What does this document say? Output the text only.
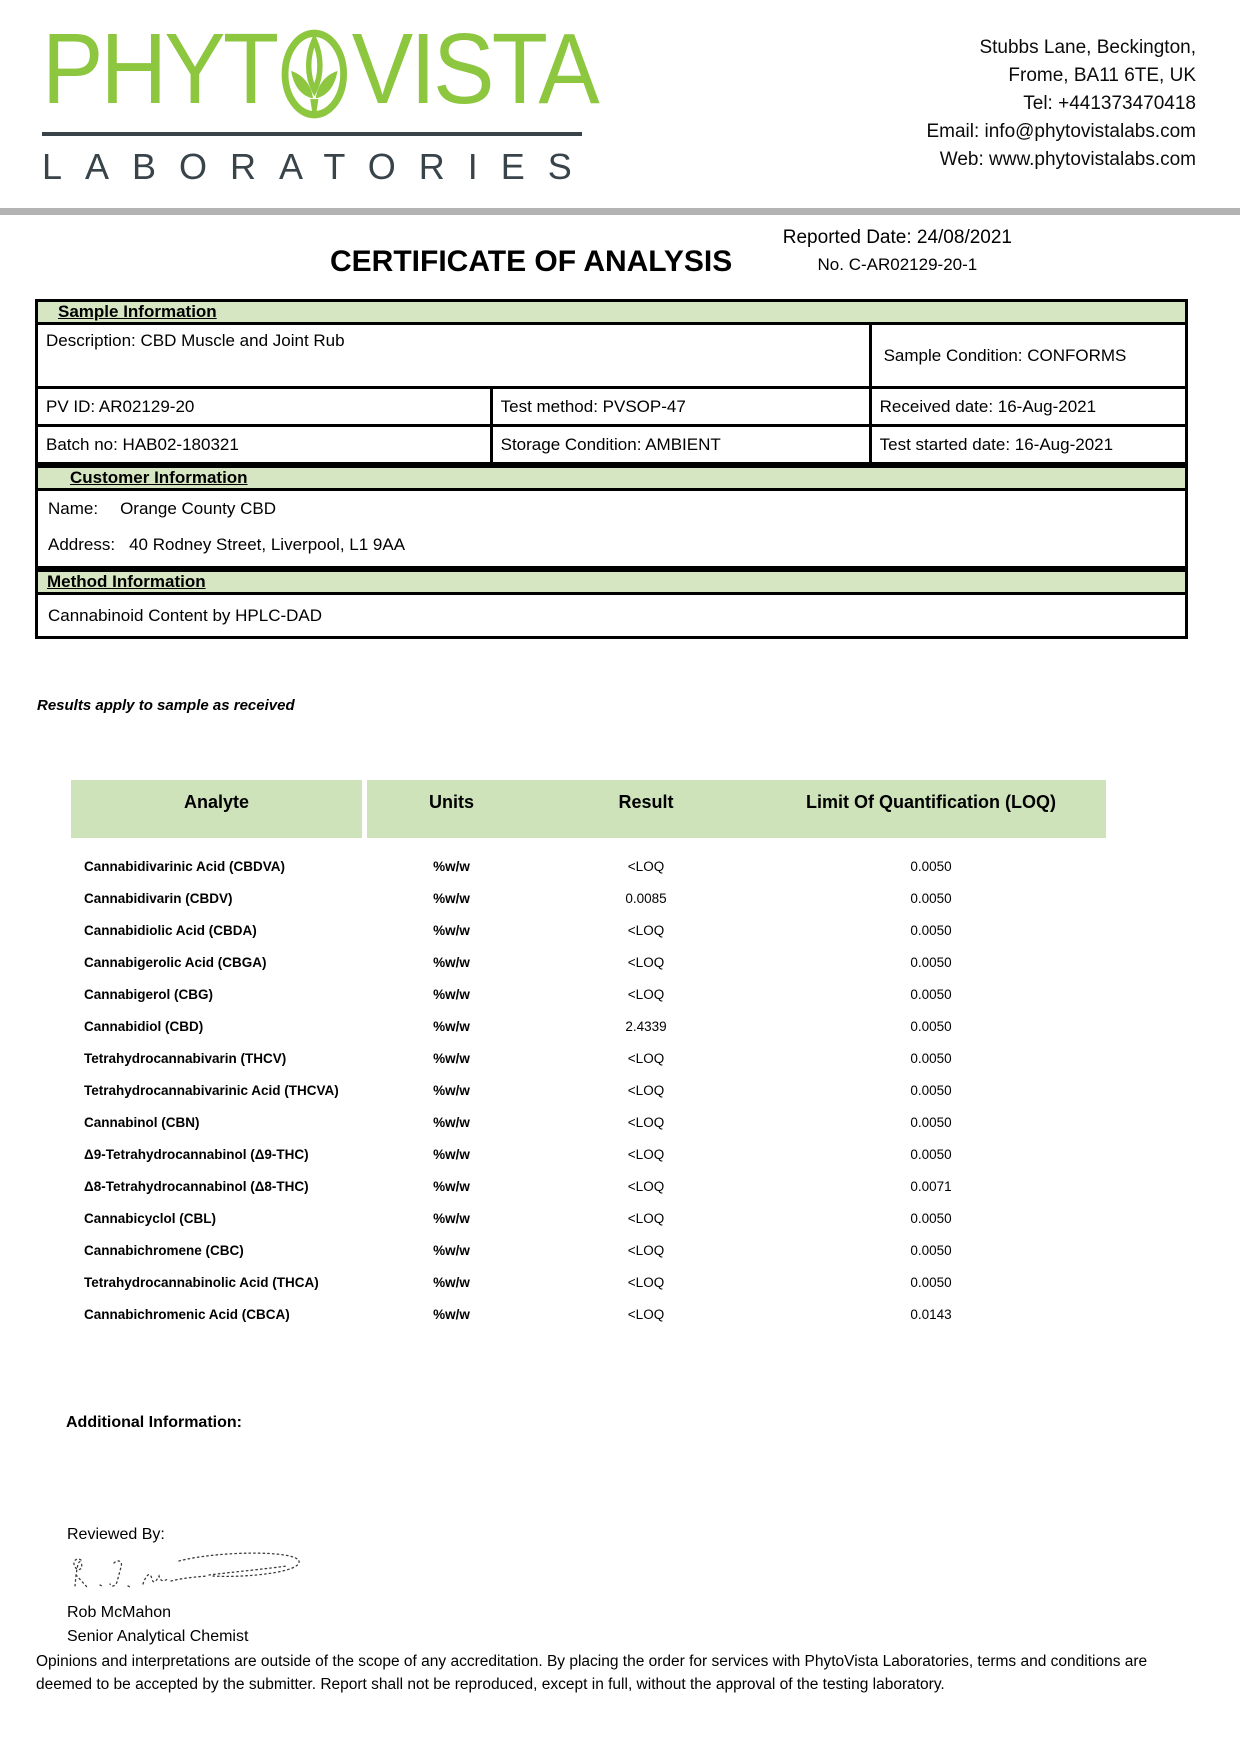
PHYT VISTA
LABORATORIES
Stubbs Lane, Beckington,
Frome, BA11 6TE, UK
Tel: +441373470418
Email: info@phytovistalabs.com
Web: www.phytovistalabs.com
CERTIFICATE OF ANALYSIS
Reported Date: 24/08/2021
No. C-AR02129-20-1
Sample Information
Description: CBD Muscle and Joint Rub
Sample Condition: CONFORMS
PV ID: AR02129-20	Test method: PVSOP-47	Received date: 16-Aug-2021
Batch no: HAB02-180321	Storage Condition: AMBIENT	Test started date: 16-Aug-2021
Customer Information
Name: Orange County CBD
Address: 40 Rodney Street, Liverpool, L1 9AA
Method Information
Cannabinoid Content by HPLC-DAD
Results apply to sample as received
Analyte	Units	Result	Limit Of Quantification (LOQ)
Cannabidivarinic Acid (CBDVA)	%w/w	<LOQ	0.0050
Cannabidivarin (CBDV)	%w/w	0.0085	0.0050
Cannabidiolic Acid (CBDA)	%w/w	<LOQ	0.0050
Cannabigerolic Acid (CBGA)	%w/w	<LOQ	0.0050
Cannabigerol (CBG)	%w/w	<LOQ	0.0050
Cannabidiol (CBD)	%w/w	2.4339	0.0050
Tetrahydrocannabivarin (THCV)	%w/w	<LOQ	0.0050
Tetrahydrocannabivarinic Acid (THCVA)	%w/w	<LOQ	0.0050
Cannabinol (CBN)	%w/w	<LOQ	0.0050
Δ9-Tetrahydrocannabinol (Δ9-THC)	%w/w	<LOQ	0.0050
Δ8-Tetrahydrocannabinol (Δ8-THC)	%w/w	<LOQ	0.0071
Cannabicyclol (CBL)	%w/w	<LOQ	0.0050
Cannabichromene (CBC)	%w/w	<LOQ	0.0050
Tetrahydrocannabinolic Acid (THCA)	%w/w	<LOQ	0.0050
Cannabichromenic Acid (CBCA)	%w/w	<LOQ	0.0143
Additional Information:
Reviewed By:
Rob McMahon
Senior Analytical Chemist
Opinions and interpretations are outside of the scope of any accreditation. By placing the order for services with PhytoVista Laboratories, terms and conditions are deemed to be accepted by the submitter. Report shall not be reproduced, except in full, without the approval of the testing laboratory.
